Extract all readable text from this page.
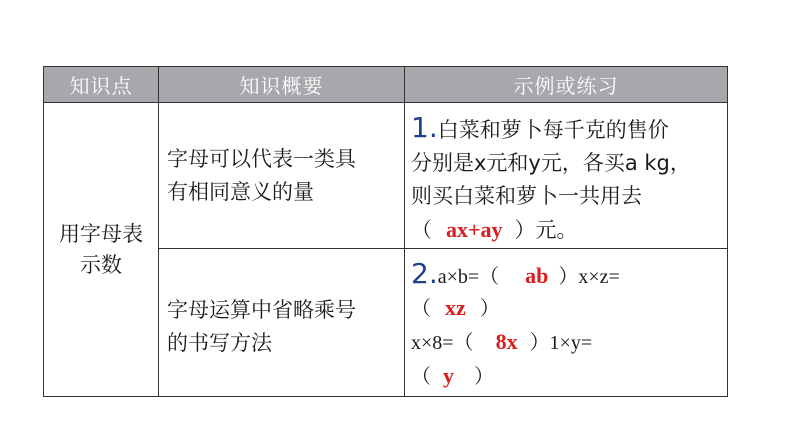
知识点	知识概要	示例或练习
用字母表
示数
字母可以代表一类具
有相同意义的量
1.白菜和萝卜每千克的售价
分别是x元和y元，各买a kg，
则买白菜和萝卜一共用去
（ ax+ay ）元。
字母运算中省略乘号
的书写方法
2.a×b=（ ab ）x×z=
（ xz ）
x×8=（ 8x ）1×y=
（ y ）
